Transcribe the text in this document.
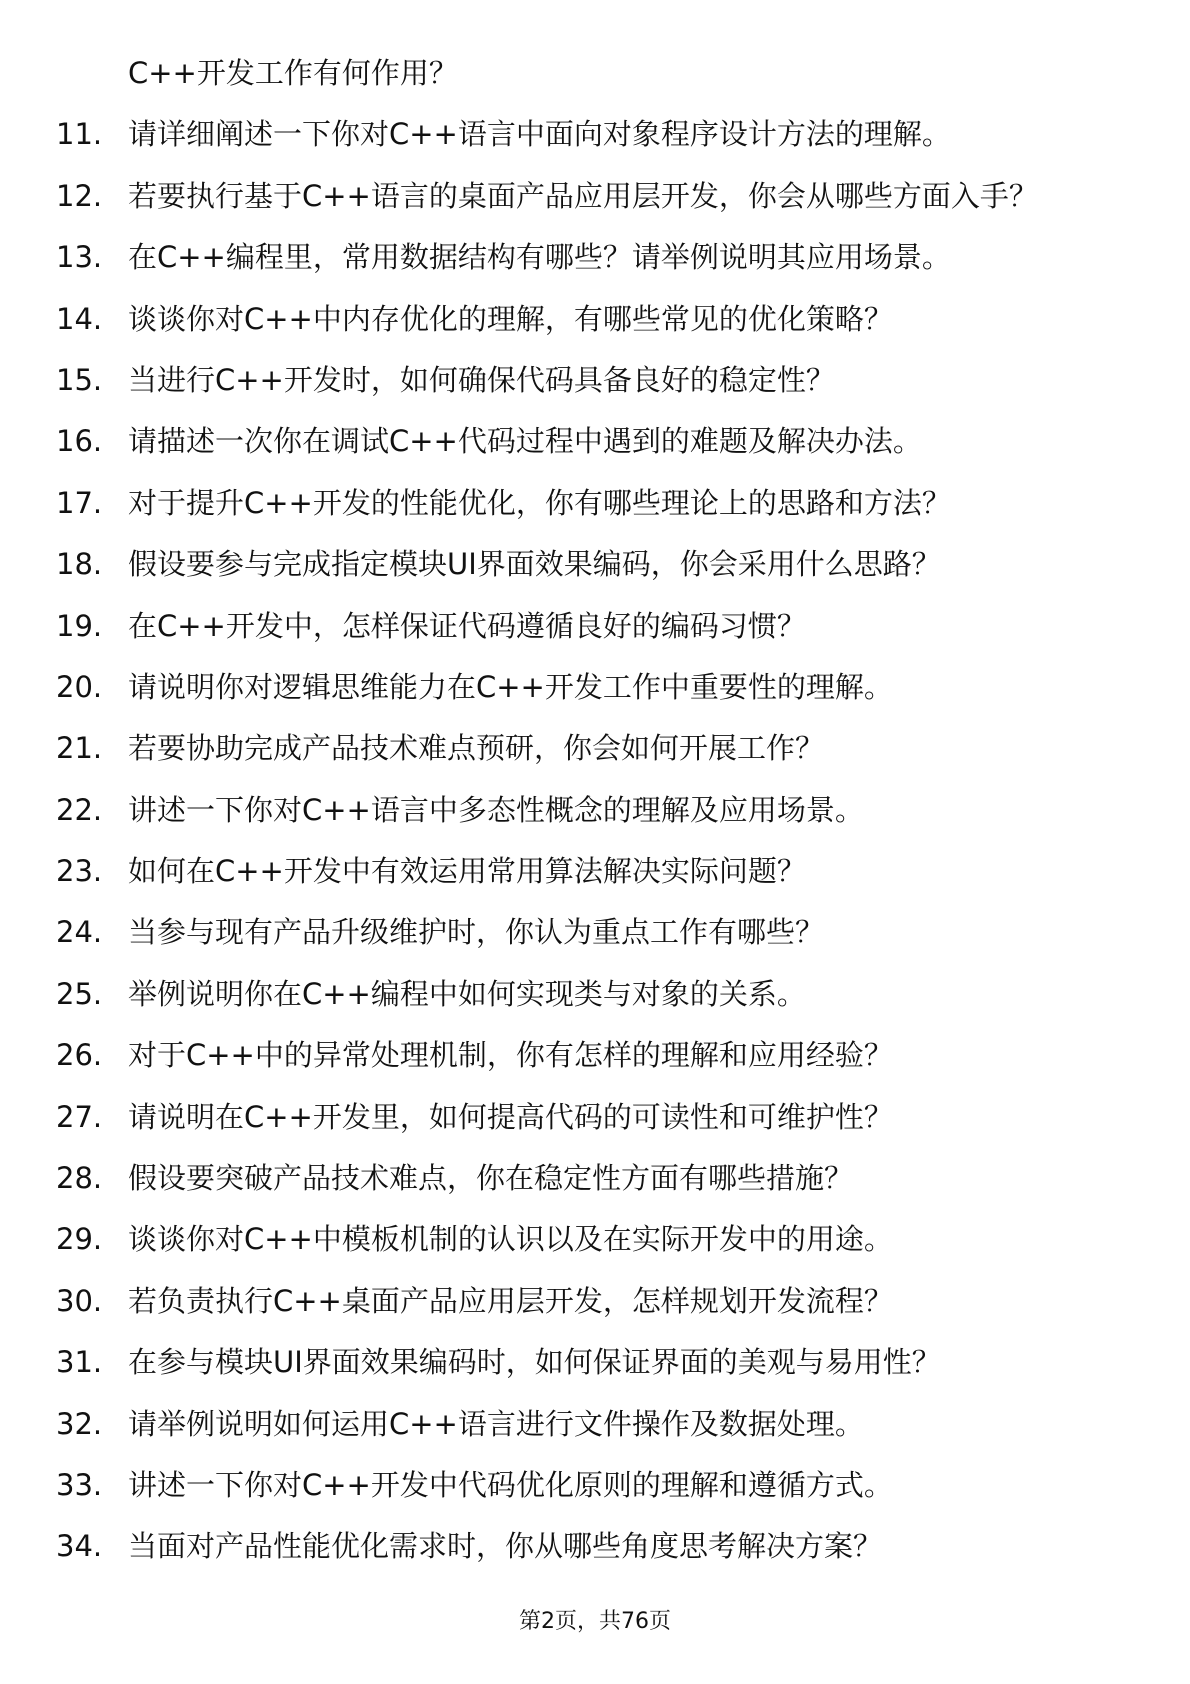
C++开发工作有何作用？
11. 请详细阐述一下你对C++语言中面向对象程序设计方法的理解。
12. 若要执行基于C++语言的桌面产品应用层开发，你会从哪些方面入手？
13. 在C++编程里，常用数据结构有哪些？请举例说明其应用场景。
14. 谈谈你对C++中内存优化的理解，有哪些常见的优化策略？
15. 当进行C++开发时，如何确保代码具备良好的稳定性？
16. 请描述一次你在调试C++代码过程中遇到的难题及解决办法。
17. 对于提升C++开发的性能优化，你有哪些理论上的思路和方法？
18. 假设要参与完成指定模块UI界面效果编码，你会采用什么思路？
19. 在C++开发中，怎样保证代码遵循良好的编码习惯？
20. 请说明你对逻辑思维能力在C++开发工作中重要性的理解。
21. 若要协助完成产品技术难点预研，你会如何开展工作？
22. 讲述一下你对C++语言中多态性概念的理解及应用场景。
23. 如何在C++开发中有效运用常用算法解决实际问题？
24. 当参与现有产品升级维护时，你认为重点工作有哪些？
25. 举例说明你在C++编程中如何实现类与对象的关系。
26. 对于C++中的异常处理机制，你有怎样的理解和应用经验？
27. 请说明在C++开发里，如何提高代码的可读性和可维护性？
28. 假设要突破产品技术难点，你在稳定性方面有哪些措施？
29. 谈谈你对C++中模板机制的认识以及在实际开发中的用途。
30. 若负责执行C++桌面产品应用层开发，怎样规划开发流程？
31. 在参与模块UI界面效果编码时，如何保证界面的美观与易用性？
32. 请举例说明如何运用C++语言进行文件操作及数据处理。
33. 讲述一下你对C++开发中代码优化原则的理解和遵循方式。
34. 当面对产品性能优化需求时，你从哪些角度思考解决方案？
第2页，共76页
